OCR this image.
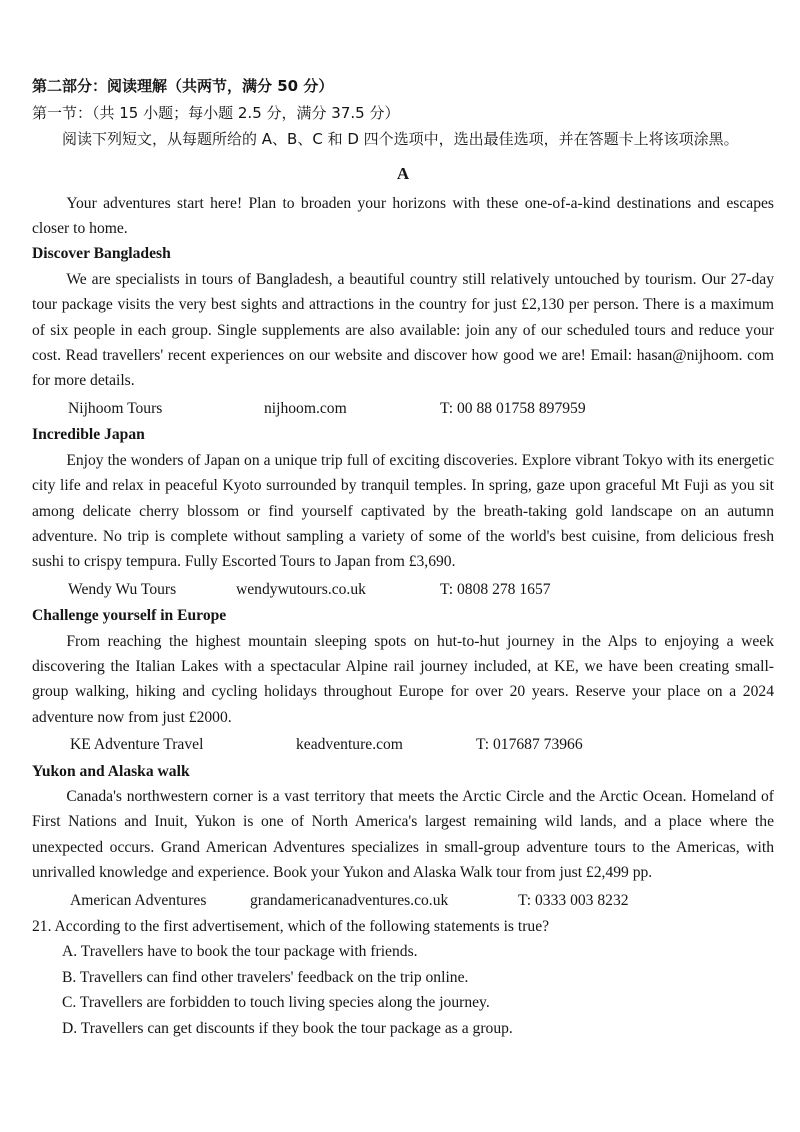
第二部分：阅读理解（共两节，满分 50 分）
第一节：（共 15 小题；每小题 2.5 分，满分 37.5 分）
阅读下列短文，从每题所给的 A、B、C 和 D 四个选项中，选出最佳选项，并在答题卡上将该项涂黑。
A

Your adventures start here! Plan to broaden your horizons with these one-of-a-kind destinations and escapes closer to home.

Discover Bangladesh

We are specialists in tours of Bangladesh, a beautiful country still relatively untouched by tourism. Our 27-day tour package visits the very best sights and attractions in the country for just £2,130 per person. There is a maximum of six people in each group. Single supplements are also available: join any of our scheduled tours and reduce your cost. Read travellers' recent experiences on our website and discover how good we are! Email: hasan@nijhoom. com for more details.

Nijhoom Tours	nijhoom.com	T: 00 88 01758 897959
Incredible Japan

Enjoy the wonders of Japan on a unique trip full of exciting discoveries. Explore vibrant Tokyo with its energetic city life and relax in peaceful Kyoto surrounded by tranquil temples. In spring, gaze upon graceful Mt Fuji as you sit among delicate cherry blossom or find yourself captivated by the breath-taking gold landscape on an autumn adventure. No trip is complete without sampling a variety of some of the world's best cuisine, from delicious fresh sushi to crispy tempura. Fully Escorted Tours to Japan from £3,690.

Wendy Wu Tours	wendywutours.co.uk	T: 0808 278 1657
Challenge yourself in Europe

From reaching the highest mountain sleeping spots on hut-to-hut journey in the Alps to enjoying a week discovering the Italian Lakes with a spectacular Alpine rail journey included, at KE, we have been creating small-group walking, hiking and cycling holidays throughout Europe for over 20 years. Reserve your place on a 2024 adventure now from just £2000.

KE Adventure Travel	keadventure.com	T: 017687 73966
Yukon and Alaska walk

Canada's northwestern corner is a vast territory that meets the Arctic Circle and the Arctic Ocean. Homeland of First Nations and Inuit, Yukon is one of North America's largest remaining wild lands, and a place where the unexpected occurs. Grand American Adventures specializes in small-group adventure tours to the Americas, with unrivalled knowledge and experience. Book your Yukon and Alaska Walk tour from just £2,499 pp.

American Adventures	grandamericanadventures.co.uk	T: 0333 003 8232
21. According to the first advertisement, which of the following statements is true?
A. Travellers have to book the tour package with friends.
B. Travellers can find other travelers' feedback on the trip online.
C. Travellers are forbidden to touch living species along the journey.
D. Travellers can get discounts if they book the tour package as a group.
